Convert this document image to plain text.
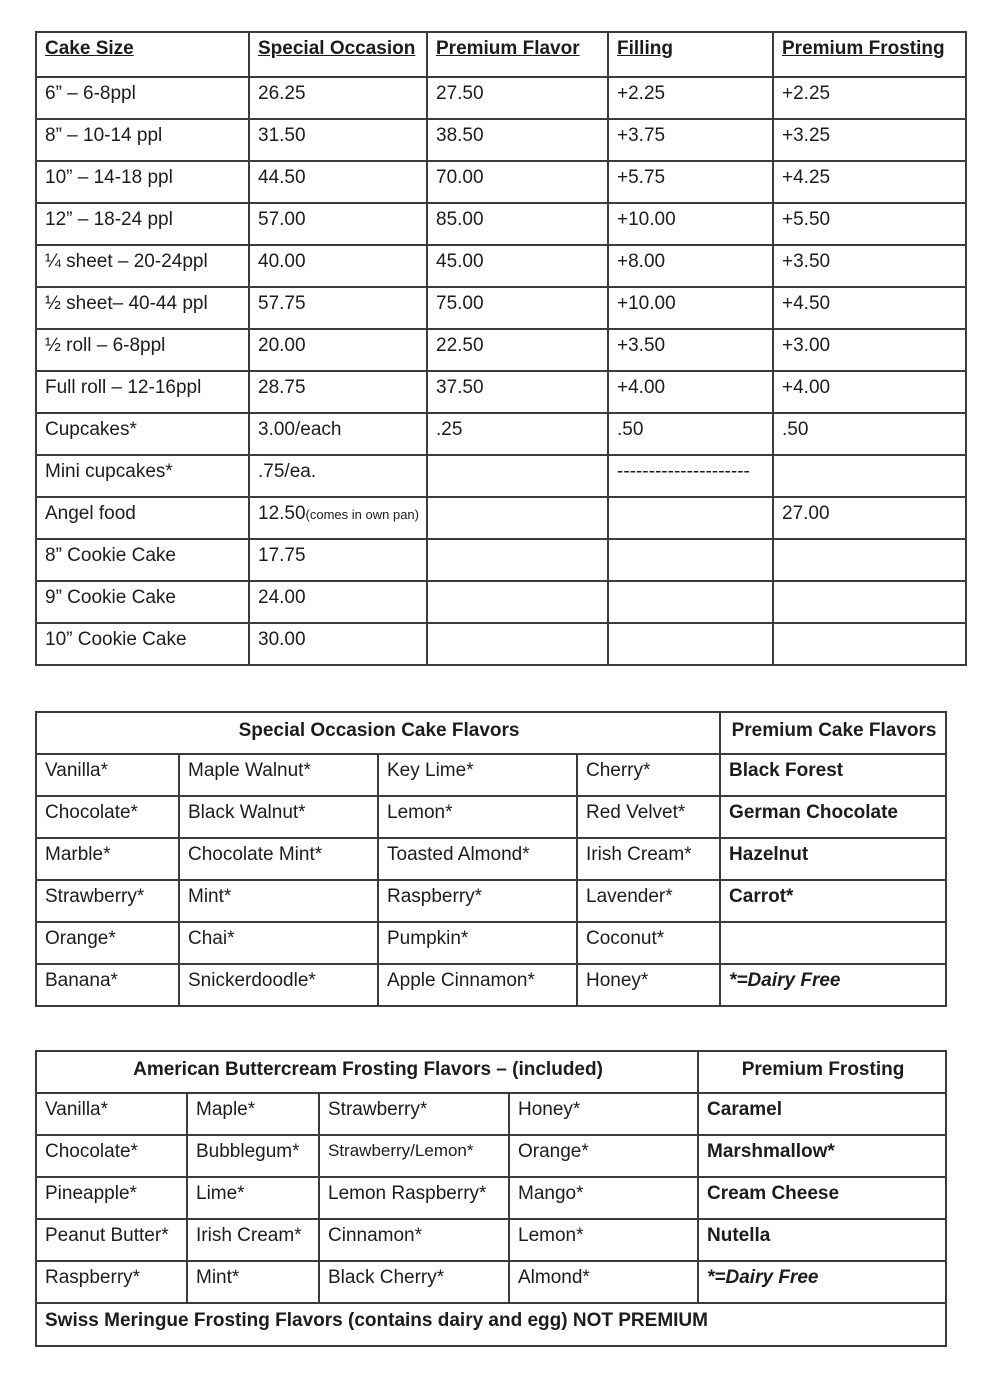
Cake Size	Special Occasion	Premium Flavor	Filling	Premium Frosting
6” – 6-8ppl	26.25	27.50	+2.25	+2.25
8” – 10-14 ppl	31.50	38.50	+3.75	+3.25
10” – 14-18 ppl	44.50	70.00	+5.75	+4.25
12” – 18-24 ppl	57.00	85.00	+10.00	+5.50
¼ sheet – 20-24ppl	40.00	45.00	+8.00	+3.50
½ sheet– 40-44 ppl	57.75	75.00	+10.00	+4.50
½ roll – 6-8ppl	20.00	22.50	+3.50	+3.00
Full roll – 12-16ppl	28.75	37.50	+4.00	+4.00
Cupcakes*	3.00/each	.25	.50	.50
Mini cupcakes*	.75/ea.		---------------------	
Angel food	12.50(comes in own pan)			27.00
8” Cookie Cake	17.75			
9” Cookie Cake	24.00			
10” Cookie Cake	30.00			
Special Occasion Cake Flavors				Premium Cake Flavors
Vanilla*	Maple Walnut*	Key Lime*	Cherry*	Black Forest
Chocolate*	Black Walnut*	Lemon*	Red Velvet*	German Chocolate
Marble*	Chocolate Mint*	Toasted Almond*	Irish Cream*	Hazelnut
Strawberry*	Mint*	Raspberry*	Lavender*	Carrot*
Orange*	Chai*	Pumpkin*	Coconut*	
Banana*	Snickerdoodle*	Apple Cinnamon*	Honey*	*=Dairy Free
American Buttercream Frosting Flavors – (included)				Premium Frosting
Vanilla*	Maple*	Strawberry*	Honey*	Caramel
Chocolate*	Bubblegum*	Strawberry/Lemon*	Orange*	Marshmallow*
Pineapple*	Lime*	Lemon Raspberry*	Mango*	Cream Cheese
Peanut Butter*	Irish Cream*	Cinnamon*	Lemon*	Nutella
Raspberry*	Mint*	Black Cherry*	Almond*	*=Dairy Free
Swiss Meringue Frosting Flavors (contains dairy and egg) NOT PREMIUM				
